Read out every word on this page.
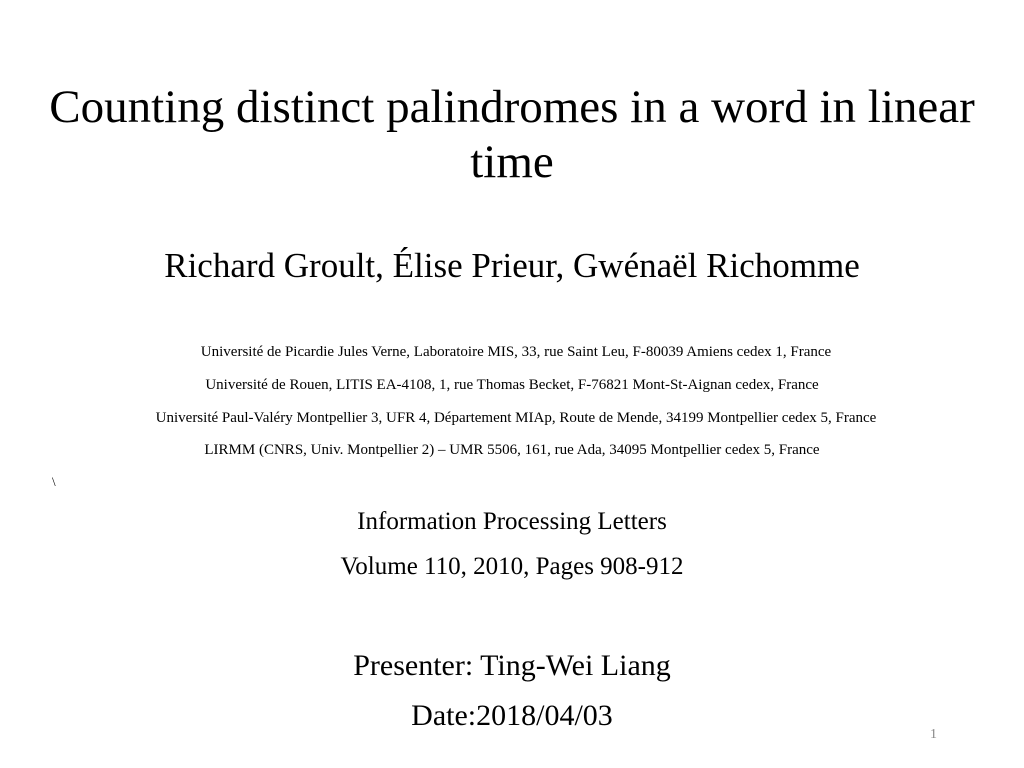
Counting distinct palindromes in a word in linear time
Richard Groult, Élise Prieur, Gwénaël Richomme
Université de Picardie Jules Verne, Laboratoire MIS, 33, rue Saint Leu, F-80039 Amiens cedex 1, France
Université de Rouen, LITIS EA-4108, 1, rue Thomas Becket, F-76821 Mont-St-Aignan cedex, France
Université Paul-Valéry Montpellier 3, UFR 4, Département MIAp, Route de Mende, 34199 Montpellier cedex 5, France
LIRMM (CNRS, Univ. Montpellier 2) – UMR 5506, 161, rue Ada, 34095 Montpellier cedex 5, France
\
Information Processing Letters
Volume 110, 2010, Pages 908-912
Presenter: Ting-Wei Liang
Date:2018/04/03
1
